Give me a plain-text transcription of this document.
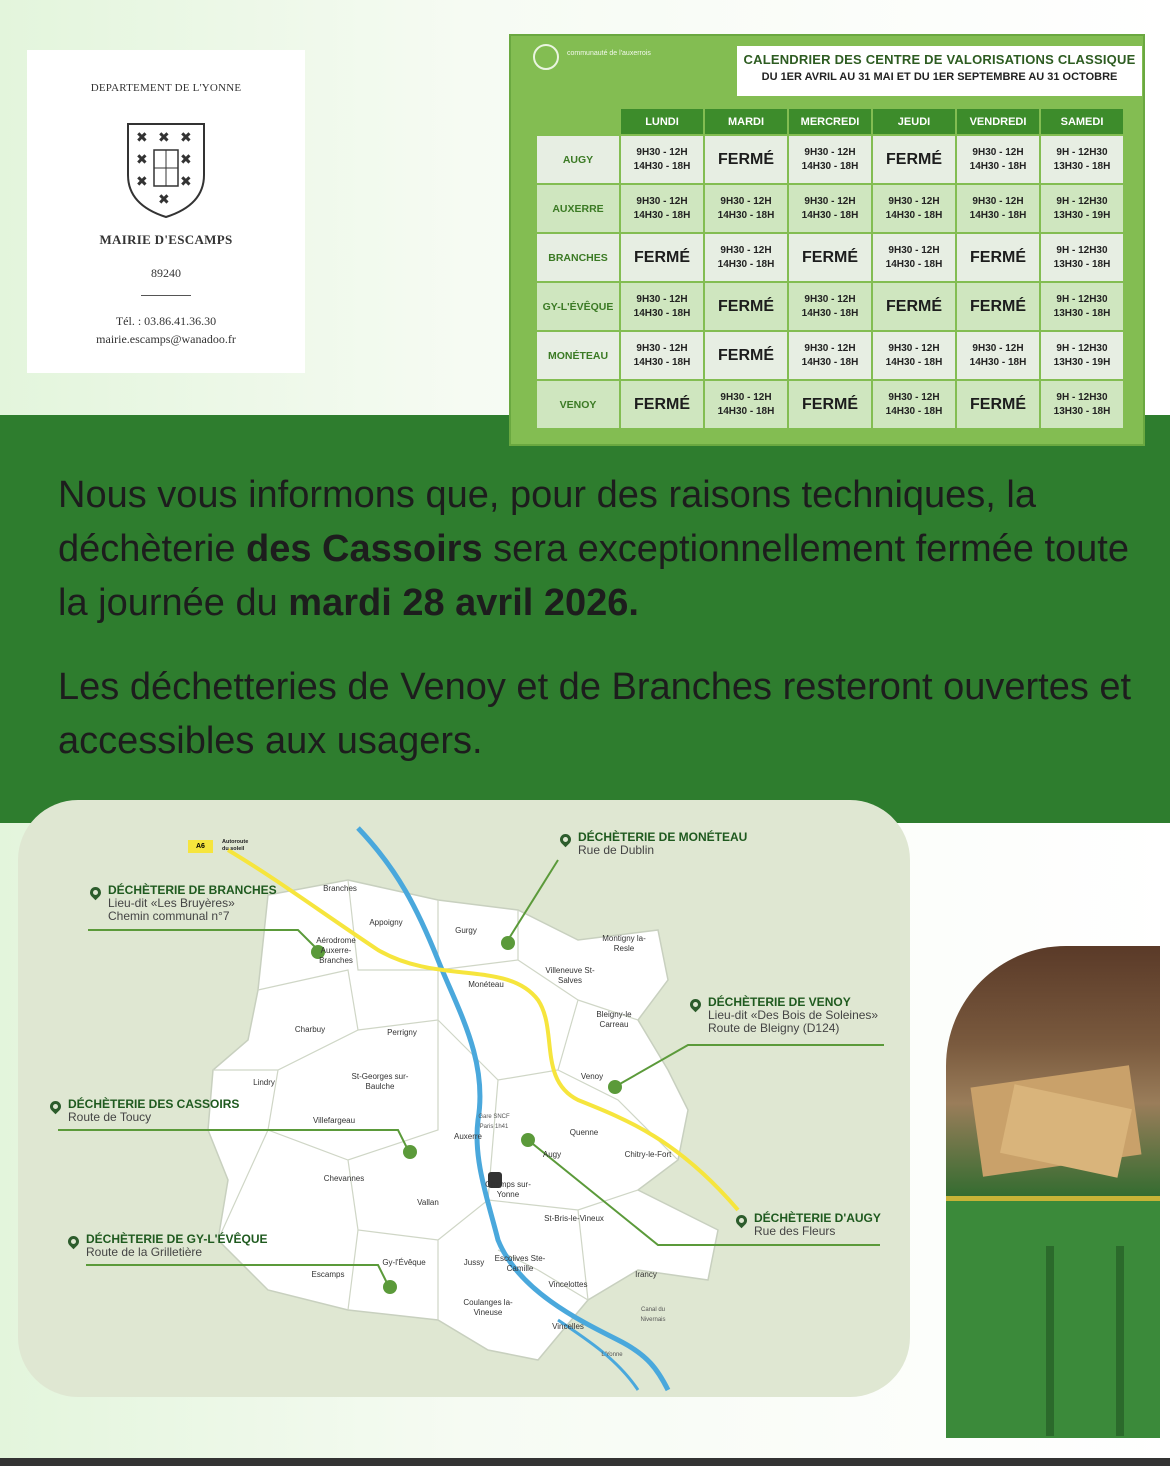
DEPARTEMENT DE L'YONNE
✖ ✖ ✖
✖ ✖
✖ ✖
✖
MAIRIE D'ESCAMPS
89240
Tél. : 03.86.41.36.30
mairie.escamps@wanadoo.fr

Nous vous informons que, pour des raisons techniques, la déchèterie des Cassoirs sera exceptionnellement fermée toute la journée du mardi 28 avril 2026.

Les déchetteries de Venoy et de Branches resteront ouvertes et accessibles aux usagers.

communauté de l'auxerrois	CALENDRIER DES CENTRE DE VALORISATIONS CLASSIQUE
DU 1ER AVRIL AU 31 MAI ET DU 1ER SEPTEMBRE AU 31 OCTOBRE
	LUNDI	MARDI	MERCREDI	JEUDI	VENDREDI	SAMEDI
AUGY	9H30 - 12H
14H30 - 18H	FERMÉ	9H30 - 12H
14H30 - 18H	FERMÉ	9H30 - 12H
14H30 - 18H	9H - 12H30
13H30 - 18H
AUXERRE	9H30 - 12H
14H30 - 18H	9H30 - 12H
14H30 - 18H	9H30 - 12H
14H30 - 18H	9H30 - 12H
14H30 - 18H	9H30 - 12H
14H30 - 18H	9H - 12H30
13H30 - 19H
BRANCHES	FERMÉ	9H30 - 12H
14H30 - 18H	FERMÉ	9H30 - 12H
14H30 - 18H	FERMÉ	9H - 12H30
13H30 - 18H
GY-L'ÉVÊQUE	9H30 - 12H
14H30 - 18H	FERMÉ	9H30 - 12H
14H30 - 18H	FERMÉ	FERMÉ	9H - 12H30
13H30 - 18H
MONÉTEAU	9H30 - 12H
14H30 - 18H	FERMÉ	9H30 - 12H
14H30 - 18H	9H30 - 12H
14H30 - 18H	9H30 - 12H
14H30 - 18H	9H - 12H30
13H30 - 19H
VENOY	FERMÉ	9H30 - 12H
14H30 - 18H	FERMÉ	9H30 - 12H
14H30 - 18H	FERMÉ	9H - 12H30
13H30 - 18H
A6
Autoroute du soleil
Branches
Appoigny
Gurgy
Aérodrome Auxerre-Branches
Montigny la-Resle
Villeneuve St-Salves
Monéteau
Bleigny-le Carreau
Charbuy	Perrigny
Venoy
Lindry
St-Georges sur-Baulche
Villefargeau
Auxerre	Quenne
Chitry-le-Fort
Augy
Chevannes
Champs sur-Yonne
Vallan
St-Bris-le-Vineux
Escamps
Gy-l'Évêque	Jussy	Escolives Ste-Camille
Irancy
Vincelottes
Coulanges la-Vineuse
Vincelles
Gare SNCF Paris 1h41
Canal du Nivernais
L'Yonne
DÉCHÈTERIE DE MONÉTEAU
Rue de Dublin
DÉCHÈTERIE DE BRANCHES
Lieu-dit «Les Bruyères»
Chemin communal n°7
DÉCHÈTERIE DE VENOY
Lieu-dit «Des Bois de Soleines»
Route de Bleigny (D124)
DÉCHÈTERIE DES CASSOIRS
Route de Toucy
DÉCHÈTERIE D'AUGY
Rue des Fleurs
DÉCHÈTERIE DE GY-L'ÉVÊQUE
Route de la Grilletière
